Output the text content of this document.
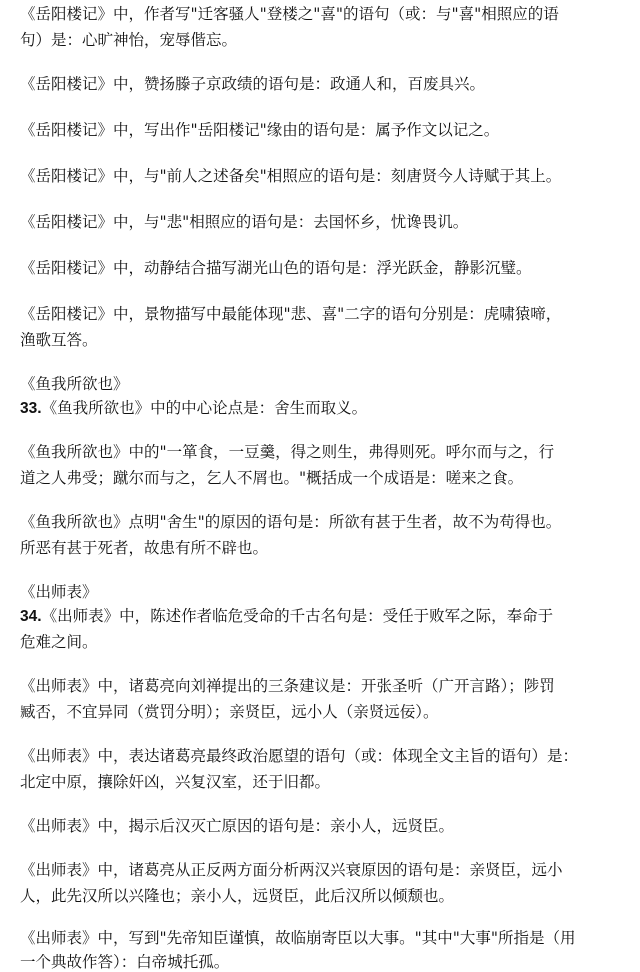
《岳阳楼记》中，作者写"迁客骚人"登楼之"喜"的语句（或：与"喜"相照应的语
句）是：心旷神怡，宠辱偕忘。
《岳阳楼记》中，赞扬滕子京政绩的语句是：政通人和，百废具兴。
《岳阳楼记》中，写出作"岳阳楼记"缘由的语句是：属予作文以记之。
《岳阳楼记》中，与"前人之述备矣"相照应的语句是：刻唐贤今人诗赋于其上。
《岳阳楼记》中，与"悲"相照应的语句是：去国怀乡，忧谗畏讥。
《岳阳楼记》中，动静结合描写湖光山色的语句是：浮光跃金，静影沉璧。
《岳阳楼记》中，景物描写中最能体现"悲、喜"二字的语句分别是：虎啸猿啼，
渔歌互答。
《鱼我所欲也》
33.《鱼我所欲也》中的中心论点是：舍生而取义。
《鱼我所欲也》中的"一箪食，一豆羹，得之则生，弗得则死。呼尔而与之，行
道之人弗受；蹴尔而与之，乞人不屑也。"概括成一个成语是：嗟来之食。
《鱼我所欲也》点明"舍生"的原因的语句是：所欲有甚于生者，故不为苟得也。
所恶有甚于死者，故患有所不辟也。
《出师表》
34.《出师表》中，陈述作者临危受命的千古名句是：受任于败军之际，奉命于
危难之间。
《出师表》中，诸葛亮向刘禅提出的三条建议是：开张圣听（广开言路）；陟罚
臧否，不宜异同（赏罚分明）；亲贤臣，远小人（亲贤远佞）。
《出师表》中，表达诸葛亮最终政治愿望的语句（或：体现全文主旨的语句）是：
北定中原，攘除奸凶，兴复汉室，还于旧都。
《出师表》中，揭示后汉灭亡原因的语句是：亲小人，远贤臣。
《出师表》中，诸葛亮从正反两方面分析两汉兴衰原因的语句是：亲贤臣，远小
人，此先汉所以兴隆也；亲小人，远贤臣，此后汉所以倾颓也。
《出师表》中，写到"先帝知臣谨慎，故临崩寄臣以大事。"其中"大事"所指是（用
一个典故作答）：白帝城托孤。
